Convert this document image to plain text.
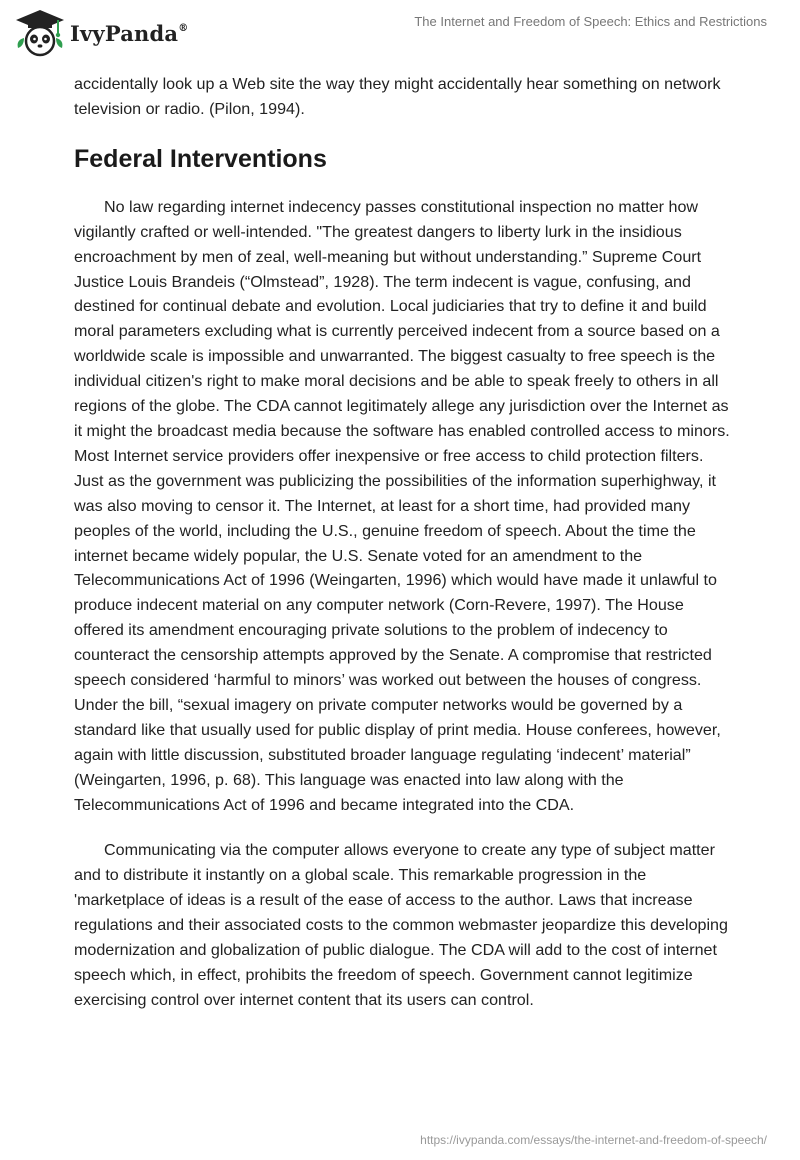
IvyPanda®	The Internet and Freedom of Speech: Ethics and Restrictions

accidentally look up a Web site the way they might accidentally hear something on network television or radio. (Pilon, 1994).

Federal Interventions

No law regarding internet indecency passes constitutional inspection no matter how vigilantly crafted or well-intended. "The greatest dangers to liberty lurk in the insidious encroachment by men of zeal, well-meaning but without understanding.” Supreme Court Justice Louis Brandeis (“Olmstead”, 1928). The term indecent is vague, confusing, and destined for continual debate and evolution. Local judiciaries that try to define it and build moral parameters excluding what is currently perceived indecent from a source based on a worldwide scale is impossible and unwarranted. The biggest casualty to free speech is the individual citizen's right to make moral decisions and be able to speak freely to others in all regions of the globe. The CDA cannot legitimately allege any jurisdiction over the Internet as it might the broadcast media because the software has enabled controlled access to minors. Most Internet service providers offer inexpensive or free access to child protection filters. Just as the government was publicizing the possibilities of the information superhighway, it was also moving to censor it. The Internet, at least for a short time, had provided many peoples of the world, including the U.S., genuine freedom of speech. About the time the internet became widely popular, the U.S. Senate voted for an amendment to the Telecommunications Act of 1996 (Weingarten, 1996) which would have made it unlawful to produce indecent material on any computer network (Corn-Revere, 1997). The House offered its amendment encouraging private solutions to the problem of indecency to counteract the censorship attempts approved by the Senate. A compromise that restricted speech considered ‘harmful to minors’ was worked out between the houses of congress. Under the bill, “sexual imagery on private computer networks would be governed by a standard like that usually used for public display of print media. House conferees, however, again with little discussion, substituted broader language regulating ‘indecent’ material” (Weingarten, 1996, p. 68). This language was enacted into law along with the Telecommunications Act of 1996 and became integrated into the CDA.

Communicating via the computer allows everyone to create any type of subject matter and to distribute it instantly on a global scale. This remarkable progression in the 'marketplace of ideas is a result of the ease of access to the author. Laws that increase regulations and their associated costs to the common webmaster jeopardize this developing modernization and globalization of public dialogue. The CDA will add to the cost of internet speech which, in effect, prohibits the freedom of speech. Government cannot legitimize exercising control over internet content that its users can control.

https://ivypanda.com/essays/the-internet-and-freedom-of-speech/
